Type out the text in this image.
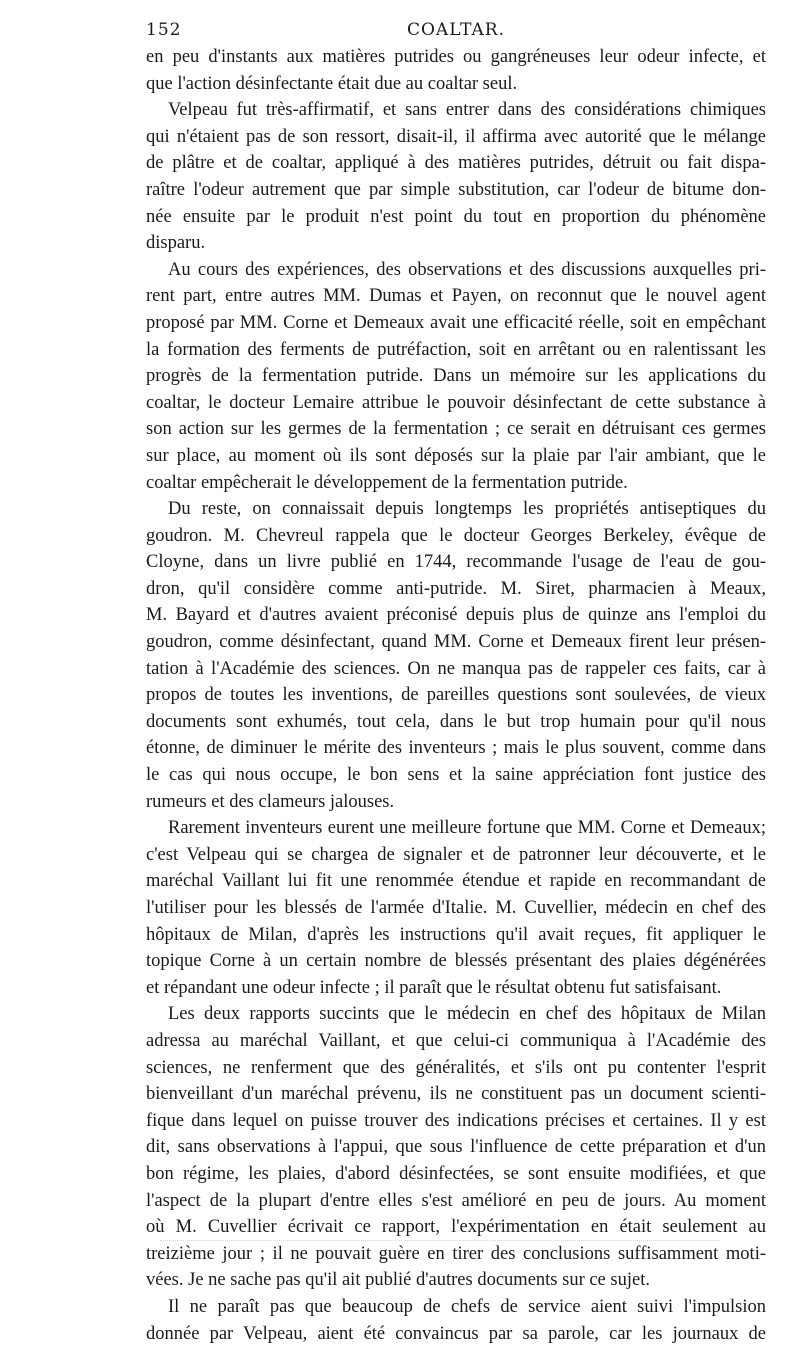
152	COALTAR.
en peu d'instants aux matières putrides ou gangréneuses leur odeur infecte, et
que l'action désinfectante était due au coaltar seul.
Velpeau fut très-affirmatif, et sans entrer dans des considérations chimiques
qui n'étaient pas de son ressort, disait-il, il affirma avec autorité que le mélange
de plâtre et de coaltar, appliqué à des matières putrides, détruit ou fait dispa-
raître l'odeur autrement que par simple substitution, car l'odeur de bitume don-
née ensuite par le produit n'est point du tout en proportion du phénomène
disparu.
Au cours des expériences, des observations et des discussions auxquelles pri-
rent part, entre autres MM. Dumas et Payen, on reconnut que le nouvel agent
proposé par MM. Corne et Demeaux avait une efficacité réelle, soit en empêchant
la formation des ferments de putréfaction, soit en arrêtant ou en ralentissant les
progrès de la fermentation putride. Dans un mémoire sur les applications du
coaltar, le docteur Lemaire attribue le pouvoir désinfectant de cette substance à
son action sur les germes de la fermentation ; ce serait en détruisant ces germes
sur place, au moment où ils sont déposés sur la plaie par l'air ambiant, que le
coaltar empêcherait le développement de la fermentation putride.
Du reste, on connaissait depuis longtemps les propriétés antiseptiques du
goudron. M. Chevreul rappela que le docteur Georges Berkeley, évêque de
Cloyne, dans un livre publié en 1744, recommande l'usage de l'eau de gou-
dron, qu'il considère comme anti-putride. M. Siret, pharmacien à Meaux,
M. Bayard et d'autres avaient préconisé depuis plus de quinze ans l'emploi du
goudron, comme désinfectant, quand MM. Corne et Demeaux firent leur présen-
tation à l'Académie des sciences. On ne manqua pas de rappeler ces faits, car à
propos de toutes les inventions, de pareilles questions sont soulevées, de vieux
documents sont exhumés, tout cela, dans le but trop humain pour qu'il nous
étonne, de diminuer le mérite des inventeurs ; mais le plus souvent, comme dans
le cas qui nous occupe, le bon sens et la saine appréciation font justice des
rumeurs et des clameurs jalouses.
Rarement inventeurs eurent une meilleure fortune que MM. Corne et Demeaux;
c'est Velpeau qui se chargea de signaler et de patronner leur découverte, et le
maréchal Vaillant lui fit une renommée étendue et rapide en recommandant de
l'utiliser pour les blessés de l'armée d'Italie. M. Cuvellier, médecin en chef des
hôpitaux de Milan, d'après les instructions qu'il avait reçues, fit appliquer le
topique Corne à un certain nombre de blessés présentant des plaies dégénérées
et répandant une odeur infecte ; il paraît que le résultat obtenu fut satisfaisant.
Les deux rapports succints que le médecin en chef des hôpitaux de Milan
adressa au maréchal Vaillant, et que celui-ci communiqua à l'Académie des
sciences, ne renferment que des généralités, et s'ils ont pu contenter l'esprit
bienveillant d'un maréchal prévenu, ils ne constituent pas un document scienti-
fique dans lequel on puisse trouver des indications précises et certaines. Il y est
dit, sans observations à l'appui, que sous l'influence de cette préparation et d'un
bon régime, les plaies, d'abord désinfectées, se sont ensuite modifiées, et que
l'aspect de la plupart d'entre elles s'est amélioré en peu de jours. Au moment
où M. Cuvellier écrivait ce rapport, l'expérimentation en était seulement au
treizième jour ; il ne pouvait guère en tirer des conclusions suffisamment moti-
vées. Je ne sache pas qu'il ait publié d'autres documents sur ce sujet.
Il ne paraît pas que beaucoup de chefs de service aient suivi l'impulsion
donnée par Velpeau, aient été convaincus par sa parole, car les journaux de
